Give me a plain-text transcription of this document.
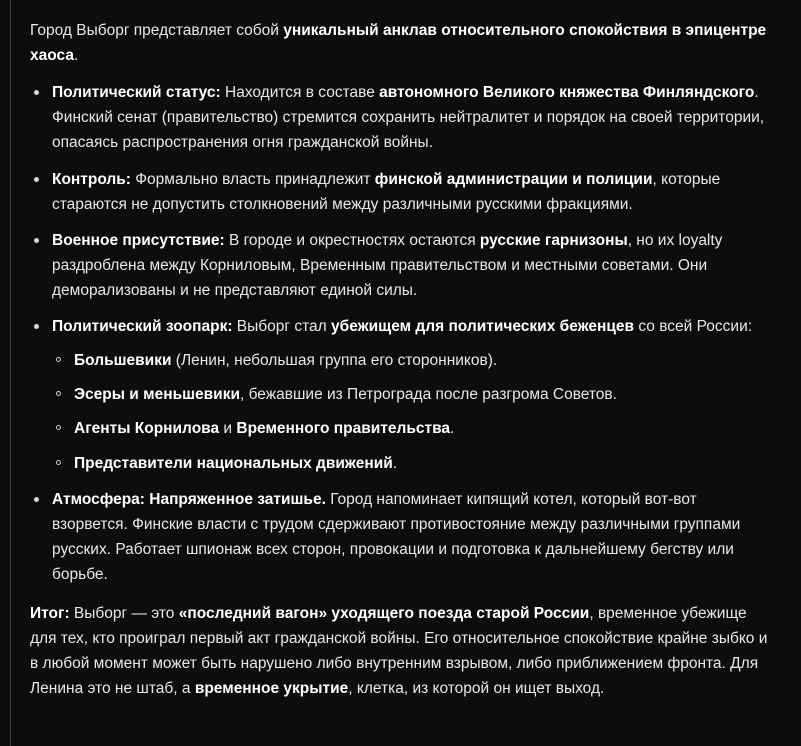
Город Выборг представляет собой уникальный анклав относительного спокойствия в эпицентре хаоса.

Политический статус: Находится в составе автономного Великого княжества Финляндского. Финский сенат (правительство) стремится сохранить нейтралитет и порядок на своей территории, опасаясь распространения огня гражданской войны.
Контроль: Формально власть принадлежит финской администрации и полиции, которые стараются не допустить столкновений между различными русскими фракциями.
Военное присутствие: В городе и окрестностях остаются русские гарнизоны, но их loyalty раздроблена между Корниловым, Временным правительством и местными советами. Они деморализованы и не представляют единой силы.
Политический зоопарк: Выборг стал убежищем для политических беженцев со всей России:
Большевики (Ленин, небольшая группа его сторонников).
Эсеры и меньшевики, бежавшие из Петрограда после разгрома Советов.
Агенты Корнилова и Временного правительства.
Представители национальных движений.
Атмосфера: Напряженное затишье. Город напоминает кипящий котел, который вот-вот взорвется. Финские власти с трудом сдерживают противостояние между различными группами русских. Работает шпионаж всех сторон, провокации и подготовка к дальнейшему бегству или борьбе.

Итог: Выборг — это «последний вагон» уходящего поезда старой России, временное убежище для тех, кто проиграл первый акт гражданской войны. Его относительное спокойствие крайне зыбко и в любой момент может быть нарушено либо внутренним взрывом, либо приближением фронта. Для Ленина это не штаб, а временное укрытие, клетка, из которой он ищет выход.
